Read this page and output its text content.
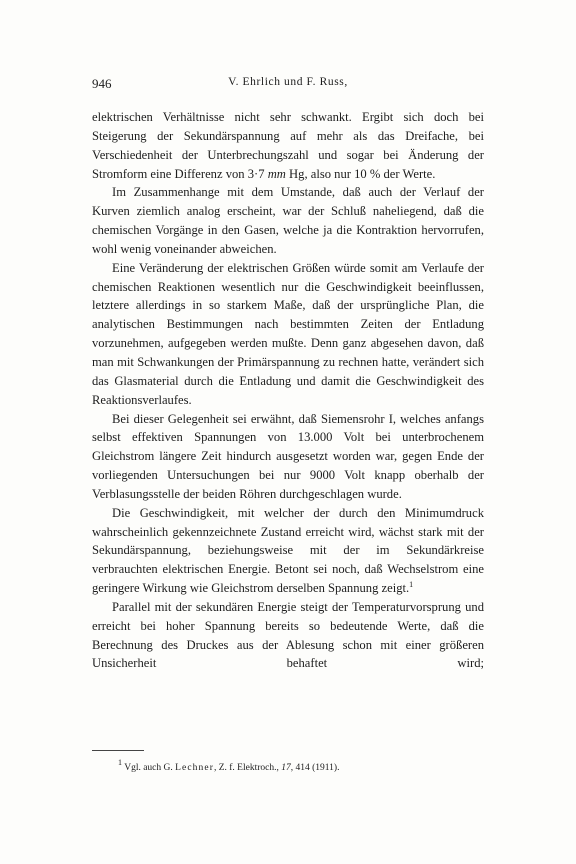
946	V. Ehrlich und F. Russ,

elektrischen Verhältnisse nicht sehr schwankt. Ergibt sich doch bei Steigerung der Sekundärspannung auf mehr als das Dreifache, bei Verschiedenheit der Unterbrechungszahl und sogar bei Änderung der Stromform eine Differenz von 3·7 mm Hg, also nur 10 % der Werte.

Im Zusammenhange mit dem Umstande, daß auch der Verlauf der Kurven ziemlich analog erscheint, war der Schluß naheliegend, daß die chemischen Vorgänge in den Gasen, welche ja die Kontraktion hervorrufen, wohl wenig voneinander abweichen.

Eine Veränderung der elektrischen Größen würde somit am Verlaufe der chemischen Reaktionen wesentlich nur die Geschwindigkeit beeinflussen, letztere allerdings in so starkem Maße, daß der ursprüngliche Plan, die analytischen Bestimmungen nach bestimmten Zeiten der Entladung vorzunehmen, aufgegeben werden mußte. Denn ganz abgesehen davon, daß man mit Schwankungen der Primärspannung zu rechnen hatte, verändert sich das Glasmaterial durch die Entladung und damit die Geschwindigkeit des Reaktionsverlaufes.

Bei dieser Gelegenheit sei erwähnt, daß Siemensrohr I, welches anfangs selbst effektiven Spannungen von 13.000 Volt bei unterbrochenem Gleichstrom längere Zeit hindurch ausgesetzt worden war, gegen Ende der vorliegenden Untersuchungen bei nur 9000 Volt knapp oberhalb der Verblasungsstelle der beiden Röhren durchgeschlagen wurde.

Die Geschwindigkeit, mit welcher der durch den Minimumdruck wahrscheinlich gekennzeichnete Zustand erreicht wird, wächst stark mit der Sekundärspannung, beziehungsweise mit der im Sekundärkreise verbrauchten elektrischen Energie. Betont sei noch, daß Wechselstrom eine geringere Wirkung wie Gleichstrom derselben Spannung zeigt.$^1$

Parallel mit der sekundären Energie steigt der Temperaturvorsprung und erreicht bei hoher Spannung bereits so bedeutende Werte, daß die Berechnung des Druckes aus der Ablesung schon mit einer größeren Unsicherheit behaftet wird;

$^1$ Vgl. auch G. Lechner, Z. f. Elektroch., 17, 414 (1911).
